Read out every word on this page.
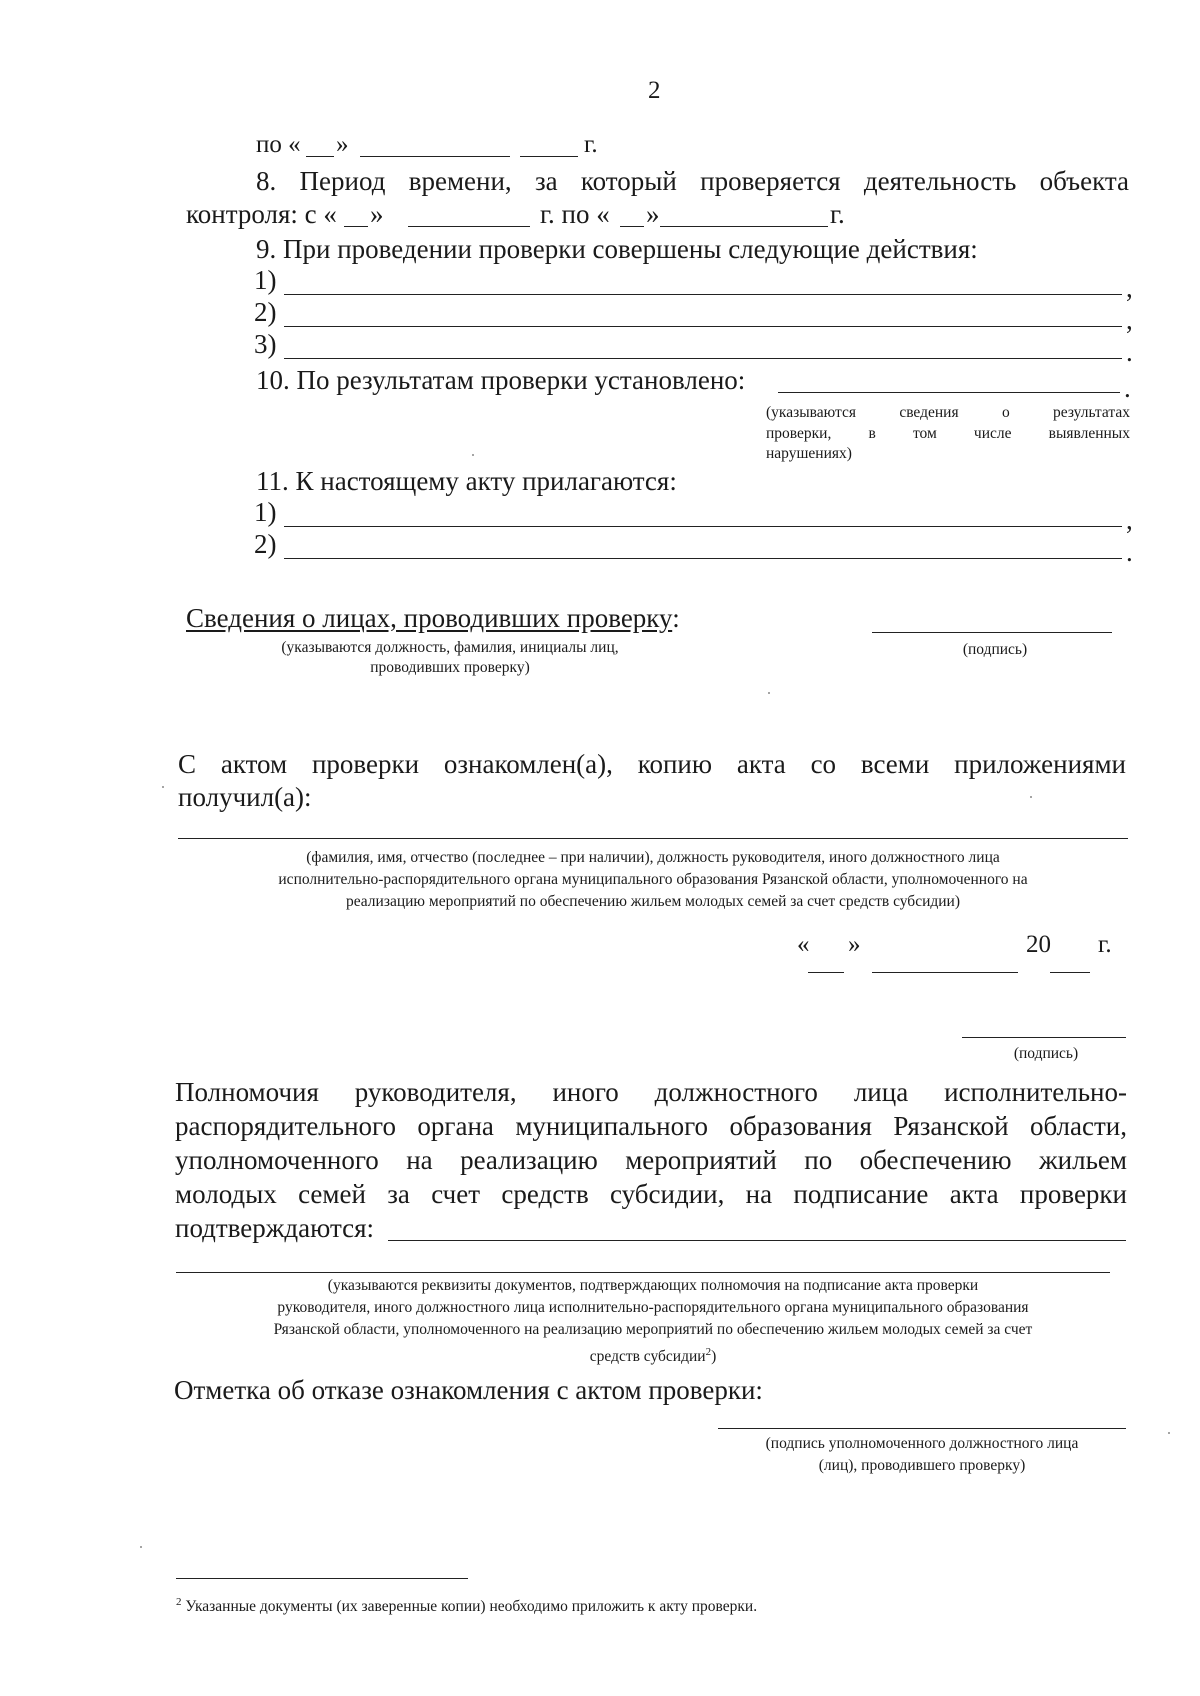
2
по « »	г.
8. Период времени, за который проверяется деятельность объекта
контроля: с « »	г. по « »	г.
9. При проведении проверки совершены следующие действия:
1)	,
2)	,
3)	.
10. По результатам проверки установлено:	.
(указываются	сведения	о	результатах
проверки, в том числе выявленных
нарушениях)
11. К настоящему акту прилагаются:
1)	,
2)	.
Сведения о лицах, проводивших проверку:
(указываются должность, фамилия, инициалы лиц,
проводивших проверку)
(подпись)
С актом проверки ознакомлен(а), копию акта со всеми приложениями
получил(а):
(фамилия, имя, отчество (последнее – при наличии), должность руководителя, иного должностного лица
исполнительно-распорядительного органа муниципального образования Рязанской области, уполномоченного на
реализацию мероприятий по обеспечению жильем молодых семей за счет средств субсидии)
« »	20 г.
(подпись)
Полномочия руководителя, иного должностного лица исполнительно-
распорядительного органа муниципального образования Рязанской области,
уполномоченного на реализацию мероприятий по обеспечению жильем
молодых семей за счет средств субсидии, на подписание акта проверки
подтверждаются:
(указываются реквизиты документов, подтверждающих полномочия на подписание акта проверки
руководителя, иного должностного лица исполнительно-распорядительного органа муниципального образования
Рязанской области, уполномоченного на реализацию мероприятий по обеспечению жильем молодых семей за счет
средств субсидии$^2$)
Отметка об отказе ознакомления с актом проверки:
(подпись уполномоченного должностного лица
(лиц), проводившего проверку)
$^2$ Указанные документы (их заверенные копии) необходимо приложить к акту проверки.
